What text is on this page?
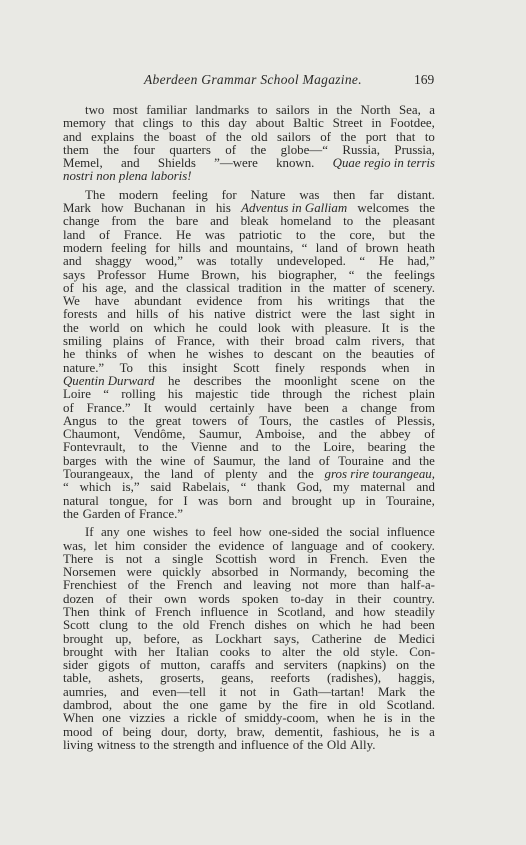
Aberdeen Grammar School Magazine.	169
two most familiar landmarks to sailors in the North Sea, a
memory that clings to this day about Baltic Street in Footdee,
and explains the boast of the old sailors of the port that to
them the four quarters of the globe—“ Russia, Prussia,
Memel, and Shields ”—were known. Quae regio in terris
nostri non plena laboris!
The modern feeling for Nature was then far distant.
Mark how Buchanan in his Adventus in Galliam welcomes the
change from the bare and bleak homeland to the pleasant
land of France. He was patriotic to the core, but the
modern feeling for hills and mountains, “ land of brown heath
and shaggy wood,” was totally undeveloped. “ He had,”
says Professor Hume Brown, his biographer, “ the feelings
of his age, and the classical tradition in the matter of scenery.
We have abundant evidence from his writings that the
forests and hills of his native district were the last sight in
the world on which he could look with pleasure. It is the
smiling plains of France, with their broad calm rivers, that
he thinks of when he wishes to descant on the beauties of
nature.” To this insight Scott finely responds when in
Quentin Durward he describes the moonlight scene on the
Loire “ rolling his majestic tide through the richest plain
of France.” It would certainly have been a change from
Angus to the great towers of Tours, the castles of Plessis,
Chaumont, Vendôme, Saumur, Amboise, and the abbey of
Fontevrault, to the Vienne and to the Loire, bearing the
barges with the wine of Saumur, the land of Touraine and the
Tourangeaux, the land of plenty and the gros rire tourangeau,
“ which is,” said Rabelais, “ thank God, my maternal and
natural tongue, for I was born and brought up in Touraine,
the Garden of France.”
If any one wishes to feel how one-sided the social influence
was, let him consider the evidence of language and of cookery.
There is not a single Scottish word in French. Even the
Norsemen were quickly absorbed in Normandy, becoming the
Frenchiest of the French and leaving not more than half-a-
dozen of their own words spoken to-day in their country.
Then think of French influence in Scotland, and how steadily
Scott clung to the old French dishes on which he had been
brought up, before, as Lockhart says, Catherine de Medici
brought with her Italian cooks to alter the old style. Con-
sider gigots of mutton, caraffs and serviters (napkins) on the
table, ashets, groserts, geans, reeforts (radishes), haggis,
aumries, and even—tell it not in Gath—tartan! Mark the
dambrod, about the one game by the fire in old Scotland.
When one vizzies a rickle of smiddy-coom, when he is in the
mood of being dour, dorty, braw, dementit, fashious, he is a
living witness to the strength and influence of the Old Ally.
